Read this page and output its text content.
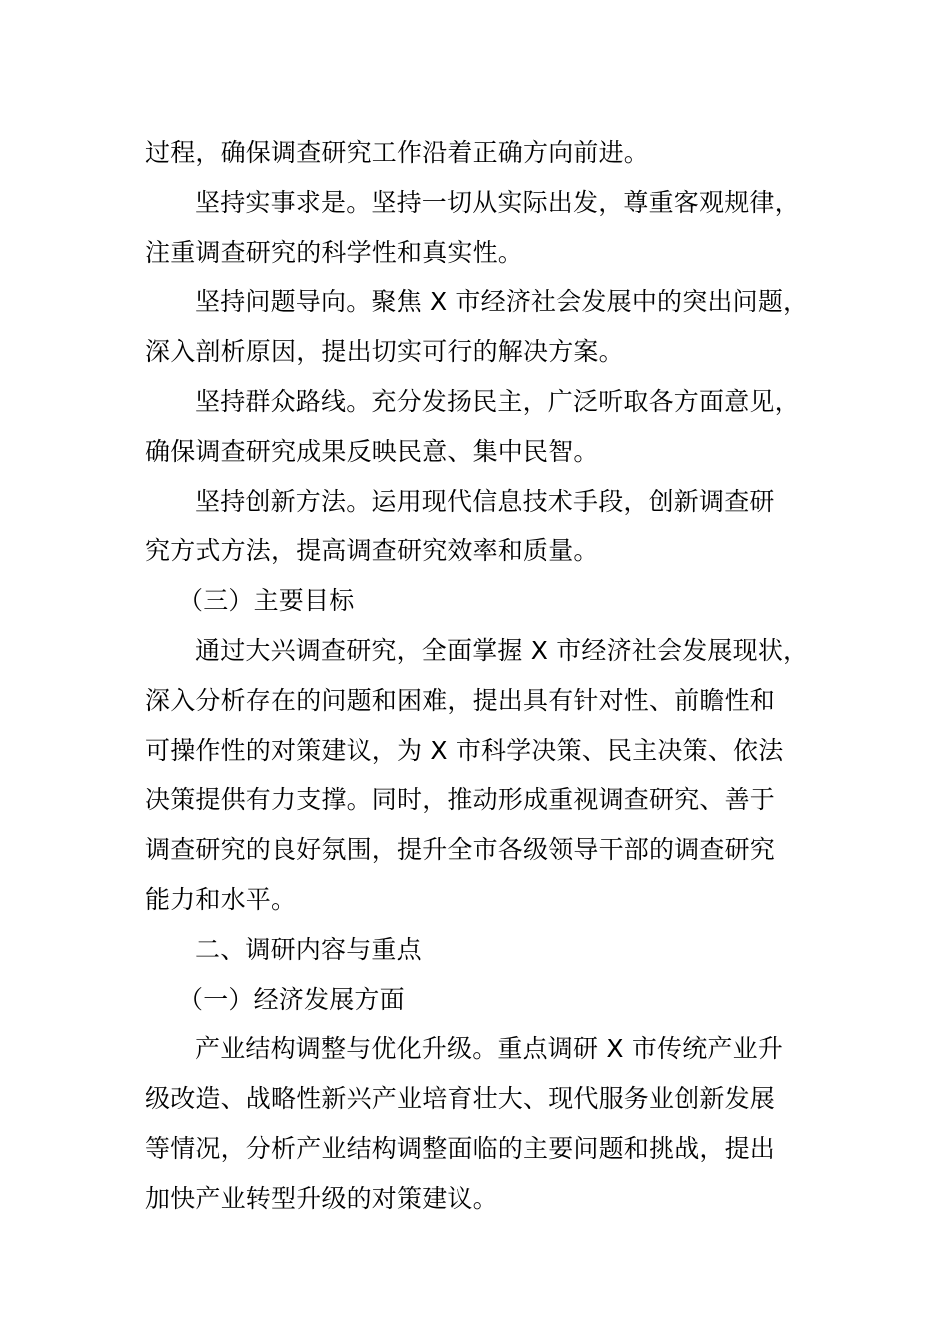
过程，确保调查研究工作沿着正确方向前进。
坚持实事求是。坚持一切从实际出发，尊重客观规律，
注重调查研究的科学性和真实性。
坚持问题导向。聚焦 X 市经济社会发展中的突出问题，
深入剖析原因，提出切实可行的解决方案。
坚持群众路线。充分发扬民主，广泛听取各方面意见，
确保调查研究成果反映民意、集中民智。
坚持创新方法。运用现代信息技术手段，创新调查研
究方式方法，提高调查研究效率和质量。
（三）主要目标
通过大兴调查研究，全面掌握 X 市经济社会发展现状，
深入分析存在的问题和困难，提出具有针对性、前瞻性和
可操作性的对策建议，为 X 市科学决策、民主决策、依法
决策提供有力支撑。同时，推动形成重视调查研究、善于
调查研究的良好氛围，提升全市各级领导干部的调查研究
能力和水平。
二、调研内容与重点
（一）经济发展方面
产业结构调整与优化升级。重点调研 X 市传统产业升
级改造、战略性新兴产业培育壮大、现代服务业创新发展
等情况，分析产业结构调整面临的主要问题和挑战，提出
加快产业转型升级的对策建议。
